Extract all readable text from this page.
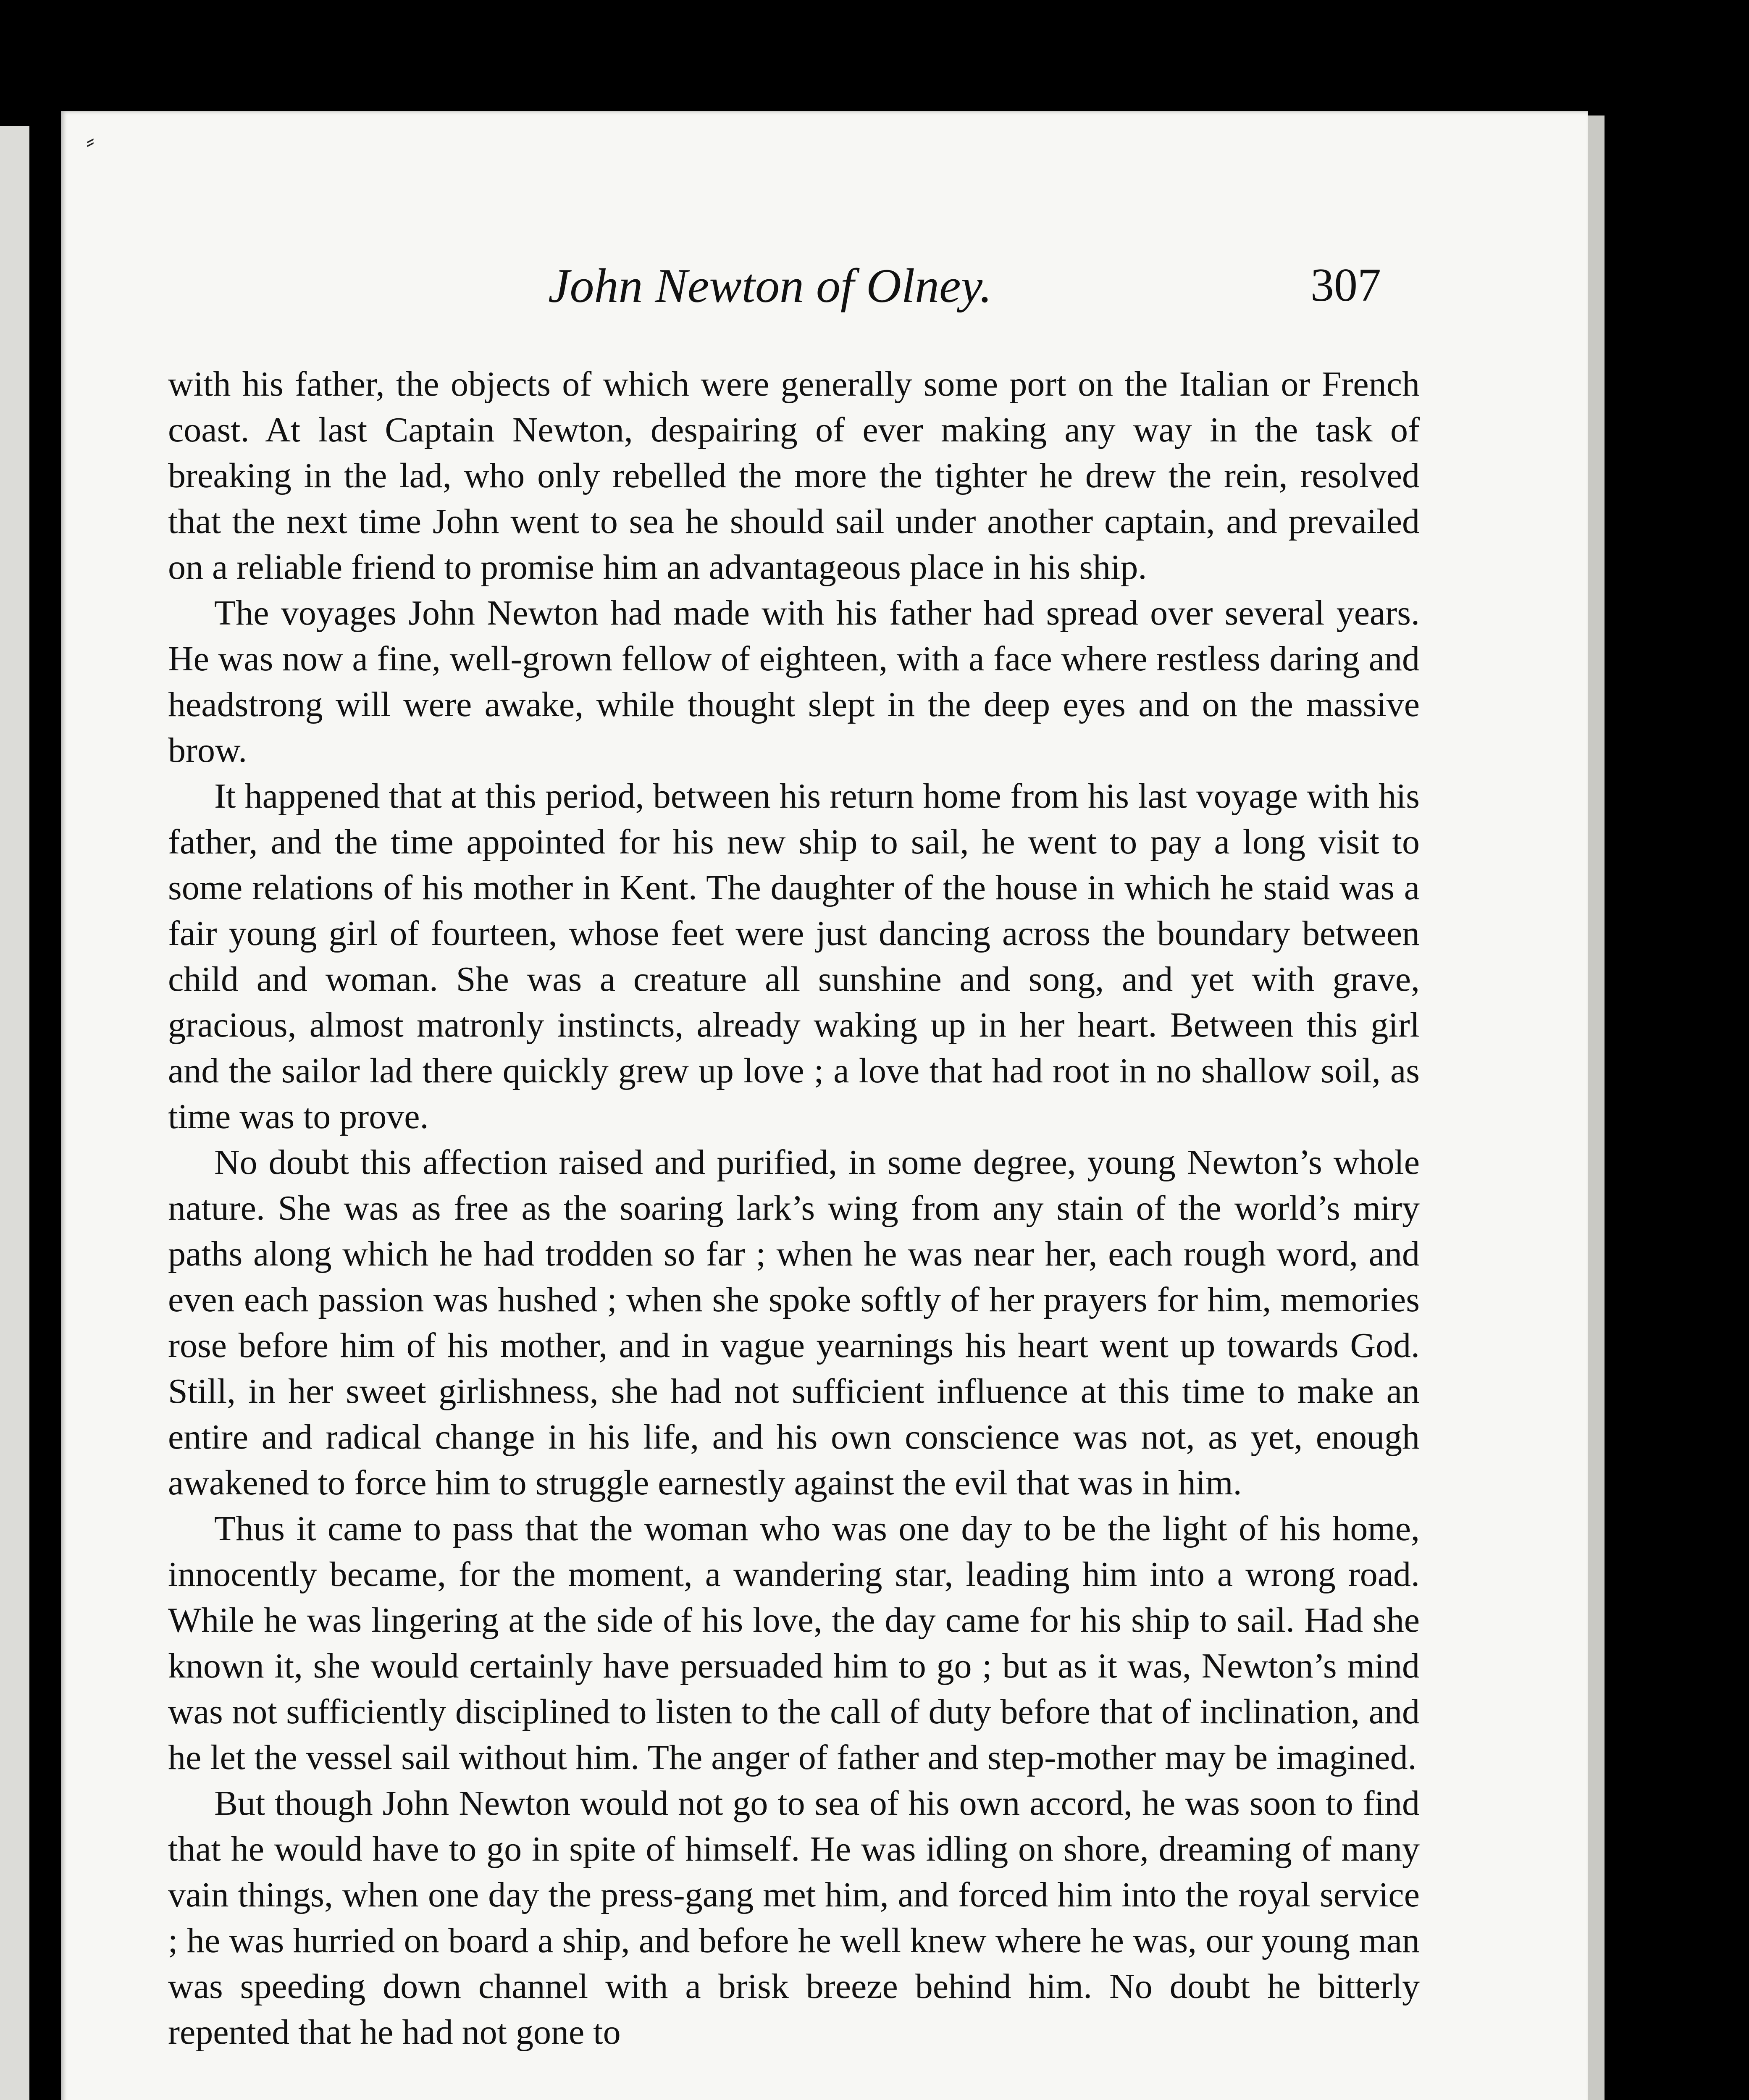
⸗
John Newton of Olney.	307

with his father, the objects of which were generally some port on the Italian or French coast. At last Captain Newton, despairing of ever making any way in the task of breaking in the lad, who only rebelled the more the tighter he drew the rein, resolved that the next time John went to sea he should sail under another captain, and prevailed on a reliable friend to promise him an advantageous place in his ship.

The voyages John Newton had made with his father had spread over several years. He was now a fine, well-grown fellow of eighteen, with a face where restless daring and headstrong will were awake, while thought slept in the deep eyes and on the massive brow.

It happened that at this period, between his return home from his last voyage with his father, and the time appointed for his new ship to sail, he went to pay a long visit to some relations of his mother in Kent. The daughter of the house in which he staid was a fair young girl of fourteen, whose feet were just dancing across the boundary between child and woman. She was a creature all sunshine and song, and yet with grave, gracious, almost matronly instincts, already waking up in her heart. Between this girl and the sailor lad there quickly grew up love ; a love that had root in no shallow soil, as time was to prove.

No doubt this affection raised and purified, in some degree, young Newton’s whole nature. She was as free as the soaring lark’s wing from any stain of the world’s miry paths along which he had trodden so far ; when he was near her, each rough word, and even each passion was hushed ; when she spoke softly of her prayers for him, memories rose before him of his mother, and in vague yearnings his heart went up towards God. Still, in her sweet girlishness, she had not sufficient influence at this time to make an entire and radical change in his life, and his own conscience was not, as yet, enough awakened to force him to struggle earnestly against the evil that was in him.

Thus it came to pass that the woman who was one day to be the light of his home, innocently became, for the moment, a wandering star, leading him into a wrong road. While he was lingering at the side of his love, the day came for his ship to sail. Had she known it, she would certainly have persuaded him to go ; but as it was, Newton’s mind was not sufficiently disciplined to listen to the call of duty before that of inclination, and he let the vessel sail without him. The anger of father and step-mother may be imagined.

But though John Newton would not go to sea of his own accord, he was soon to find that he would have to go in spite of himself. He was idling on shore, dreaming of many vain things, when one day the press-gang met him, and forced him into the royal service ; he was hurried on board a ship, and before he well knew where he was, our young man was speeding down channel with a brisk breeze behind him. No doubt he bitterly repented that he had not gone to
